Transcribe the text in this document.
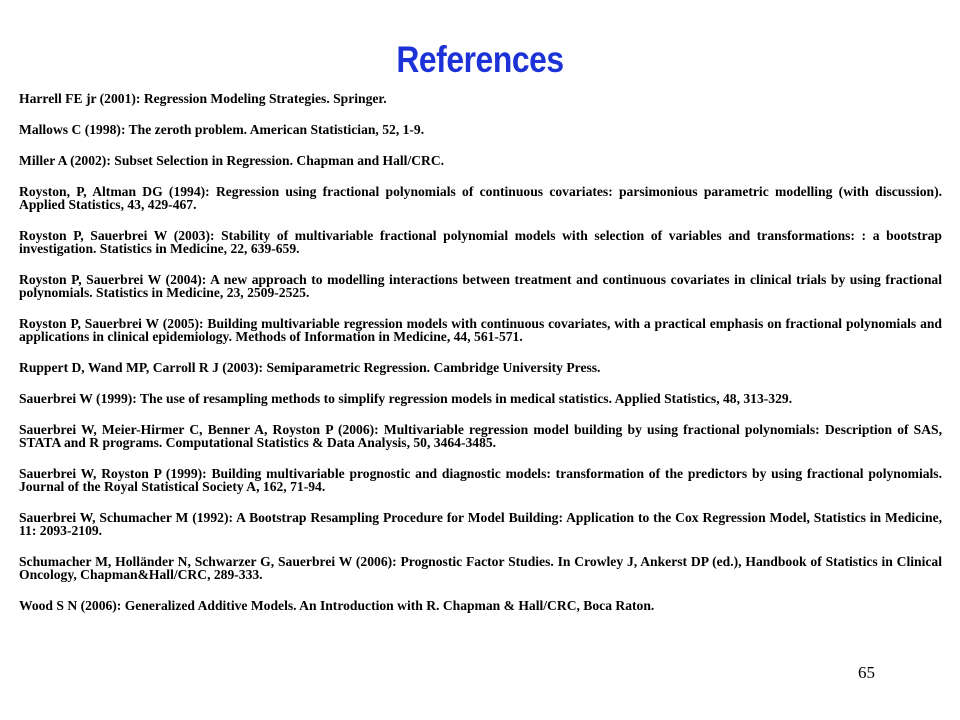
References
Harrell FE jr (2001): Regression Modeling Strategies. Springer.
Mallows C (1998): The zeroth problem. American Statistician, 52, 1-9.
Miller A (2002): Subset Selection in Regression. Chapman and Hall/CRC.
Royston, P, Altman DG (1994): Regression using fractional polynomials of continuous covariates: parsimonious parametric modelling (with discussion). Applied Statistics, 43, 429-467.
Royston P, Sauerbrei W (2003): Stability of multivariable fractional polynomial models with selection of variables and transformations: : a bootstrap investigation. Statistics in Medicine, 22, 639-659.
Royston P, Sauerbrei W (2004): A new approach to modelling interactions between treatment and continuous covariates in clinical trials by using fractional polynomials. Statistics in Medicine, 23, 2509-2525.
Royston P, Sauerbrei W (2005): Building multivariable regression models with continuous covariates, with a practical emphasis on fractional polynomials and applications in clinical epidemiology. Methods of Information in Medicine, 44, 561-571.
Ruppert D, Wand MP, Carroll R J (2003): Semiparametric Regression. Cambridge University Press.
Sauerbrei W (1999): The use of resampling methods to simplify regression models in medical statistics. Applied Statistics, 48, 313-329.
Sauerbrei W, Meier-Hirmer C, Benner A, Royston P (2006): Multivariable regression model building by using fractional polynomials: Description of SAS, STATA and R programs. Computational Statistics & Data Analysis, 50, 3464-3485.
Sauerbrei W, Royston P (1999): Building multivariable prognostic and diagnostic models: transformation of the predictors by using fractional polynomials. Journal of the Royal Statistical Society A, 162, 71-94.
Sauerbrei W, Schumacher M (1992): A Bootstrap Resampling Procedure for Model Building: Application to the Cox Regression Model, Statistics in Medicine, 11: 2093-2109.
Schumacher M, Holländer N, Schwarzer G, Sauerbrei W (2006): Prognostic Factor Studies. In Crowley J, Ankerst DP (ed.), Handbook of Statistics in Clinical Oncology, Chapman&Hall/CRC, 289-333.
Wood S N (2006): Generalized Additive Models. An Introduction with R. Chapman & Hall/CRC, Boca Raton.
65
